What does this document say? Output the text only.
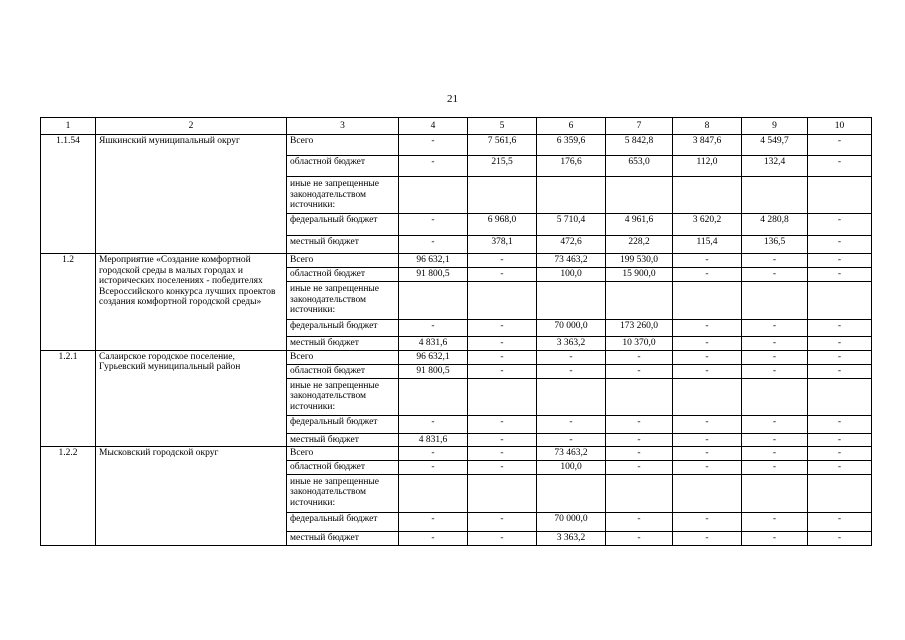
21
1	2	3	4	5	6	7	8	9	10
1.1.54	Яшкинский муниципальный округ	Всего	-	7 561,6	6 359,6	5 842,8	3 847,6	4 549,7	-
		областной бюджет	-	215,5	176,6	653,0	112,0	132,4	-
		иные не запрещенные законодательством источники:							
		федеральный бюджет	-	6 968,0	5 710,4	4 961,6	3 620,2	4 280,8	-
		местный бюджет	-	378,1	472,6	228,2	115,4	136,5	-
1.2	Мероприятие «Создание комфортной городской среды в малых городах и исторических поселениях - победителях Всероссийского конкурса лучших проектов создания комфортной городской среды»	Всего	96 632,1	-	73 463,2	199 530,0	-	-	-
		областной бюджет	91 800,5	-	100,0	15 900,0	-	-	-
		иные не запрещенные законодательством источники:							
		федеральный бюджет	-	-	70 000,0	173 260,0	-	-	-
		местный бюджет	4 831,6	-	3 363,2	10 370,0	-	-	-
1.2.1	Салаирское городское поселение, Гурьевский муниципальный район	Всего	96 632,1	-	-	-	-	-	-
		областной бюджет	91 800,5	-	-	-	-	-	-
		иные не запрещенные законодательством источники:							
		федеральный бюджет	-	-	-	-	-	-	-
		местный бюджет	4 831,6	-	-	-	-	-	-
1.2.2	Мысковский городской округ	Всего	-	-	73 463,2	-	-	-	-
		областной бюджет	-	-	100,0	-	-	-	-
		иные не запрещенные законодательством источники:							
		федеральный бюджет	-	-	70 000,0	-	-	-	-
		местный бюджет	-	-	3 363,2	-	-	-	-
